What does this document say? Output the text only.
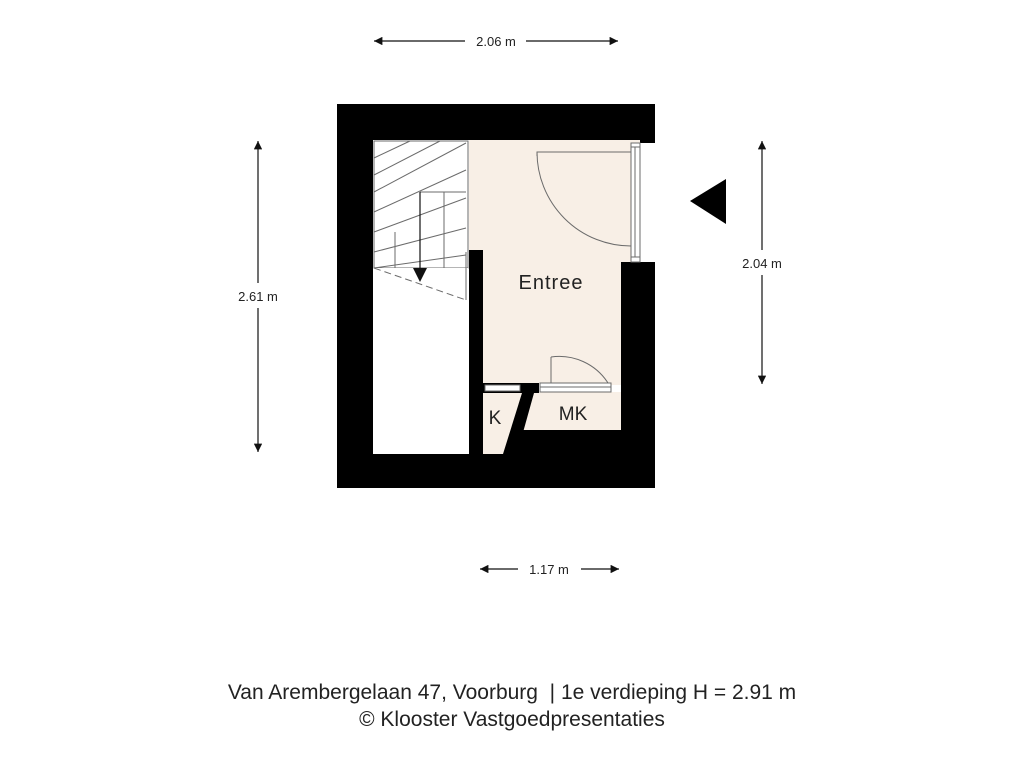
Entree
MK
K
2.06 m
2.61 m
2.04 m
1.17 m
Van Arembergelaan 47, Voorburg | 1e verdieping H = 2.91 m
© Klooster Vastgoedpresentaties
